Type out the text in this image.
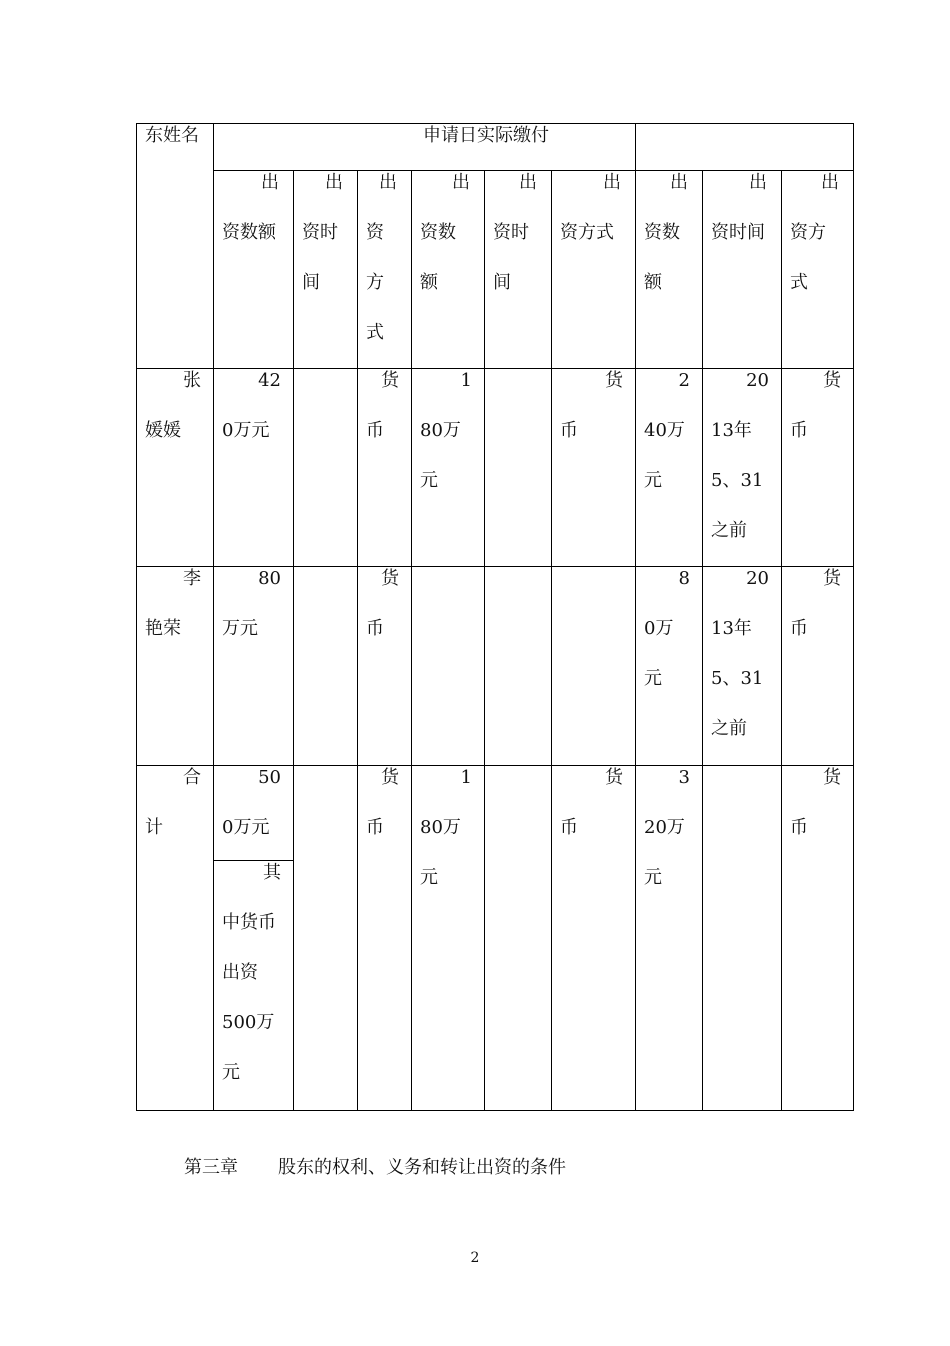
东姓名	申请日实际缴付
出
资数额
出
资时
间
出
资
方
式
出
资数
额
出
资时
间
出
资方式
出
资数
额
出
资时间
出
资方
式
张
媛媛
42
0万元
货
币
1
80万
元
货
币
2
40万
元
20
13年
5、31
之前
货
币
李
艳荣
80
万元
货
币
8
0万
元
20
13年
5、31
之前
货
币
合
计
50
0万元
货
币
1
80万
元
货
币
3
20万
元
货
币
其
中货币
出资
500万
元
第三章 股东的权利、义务和转让出资的条件
2
